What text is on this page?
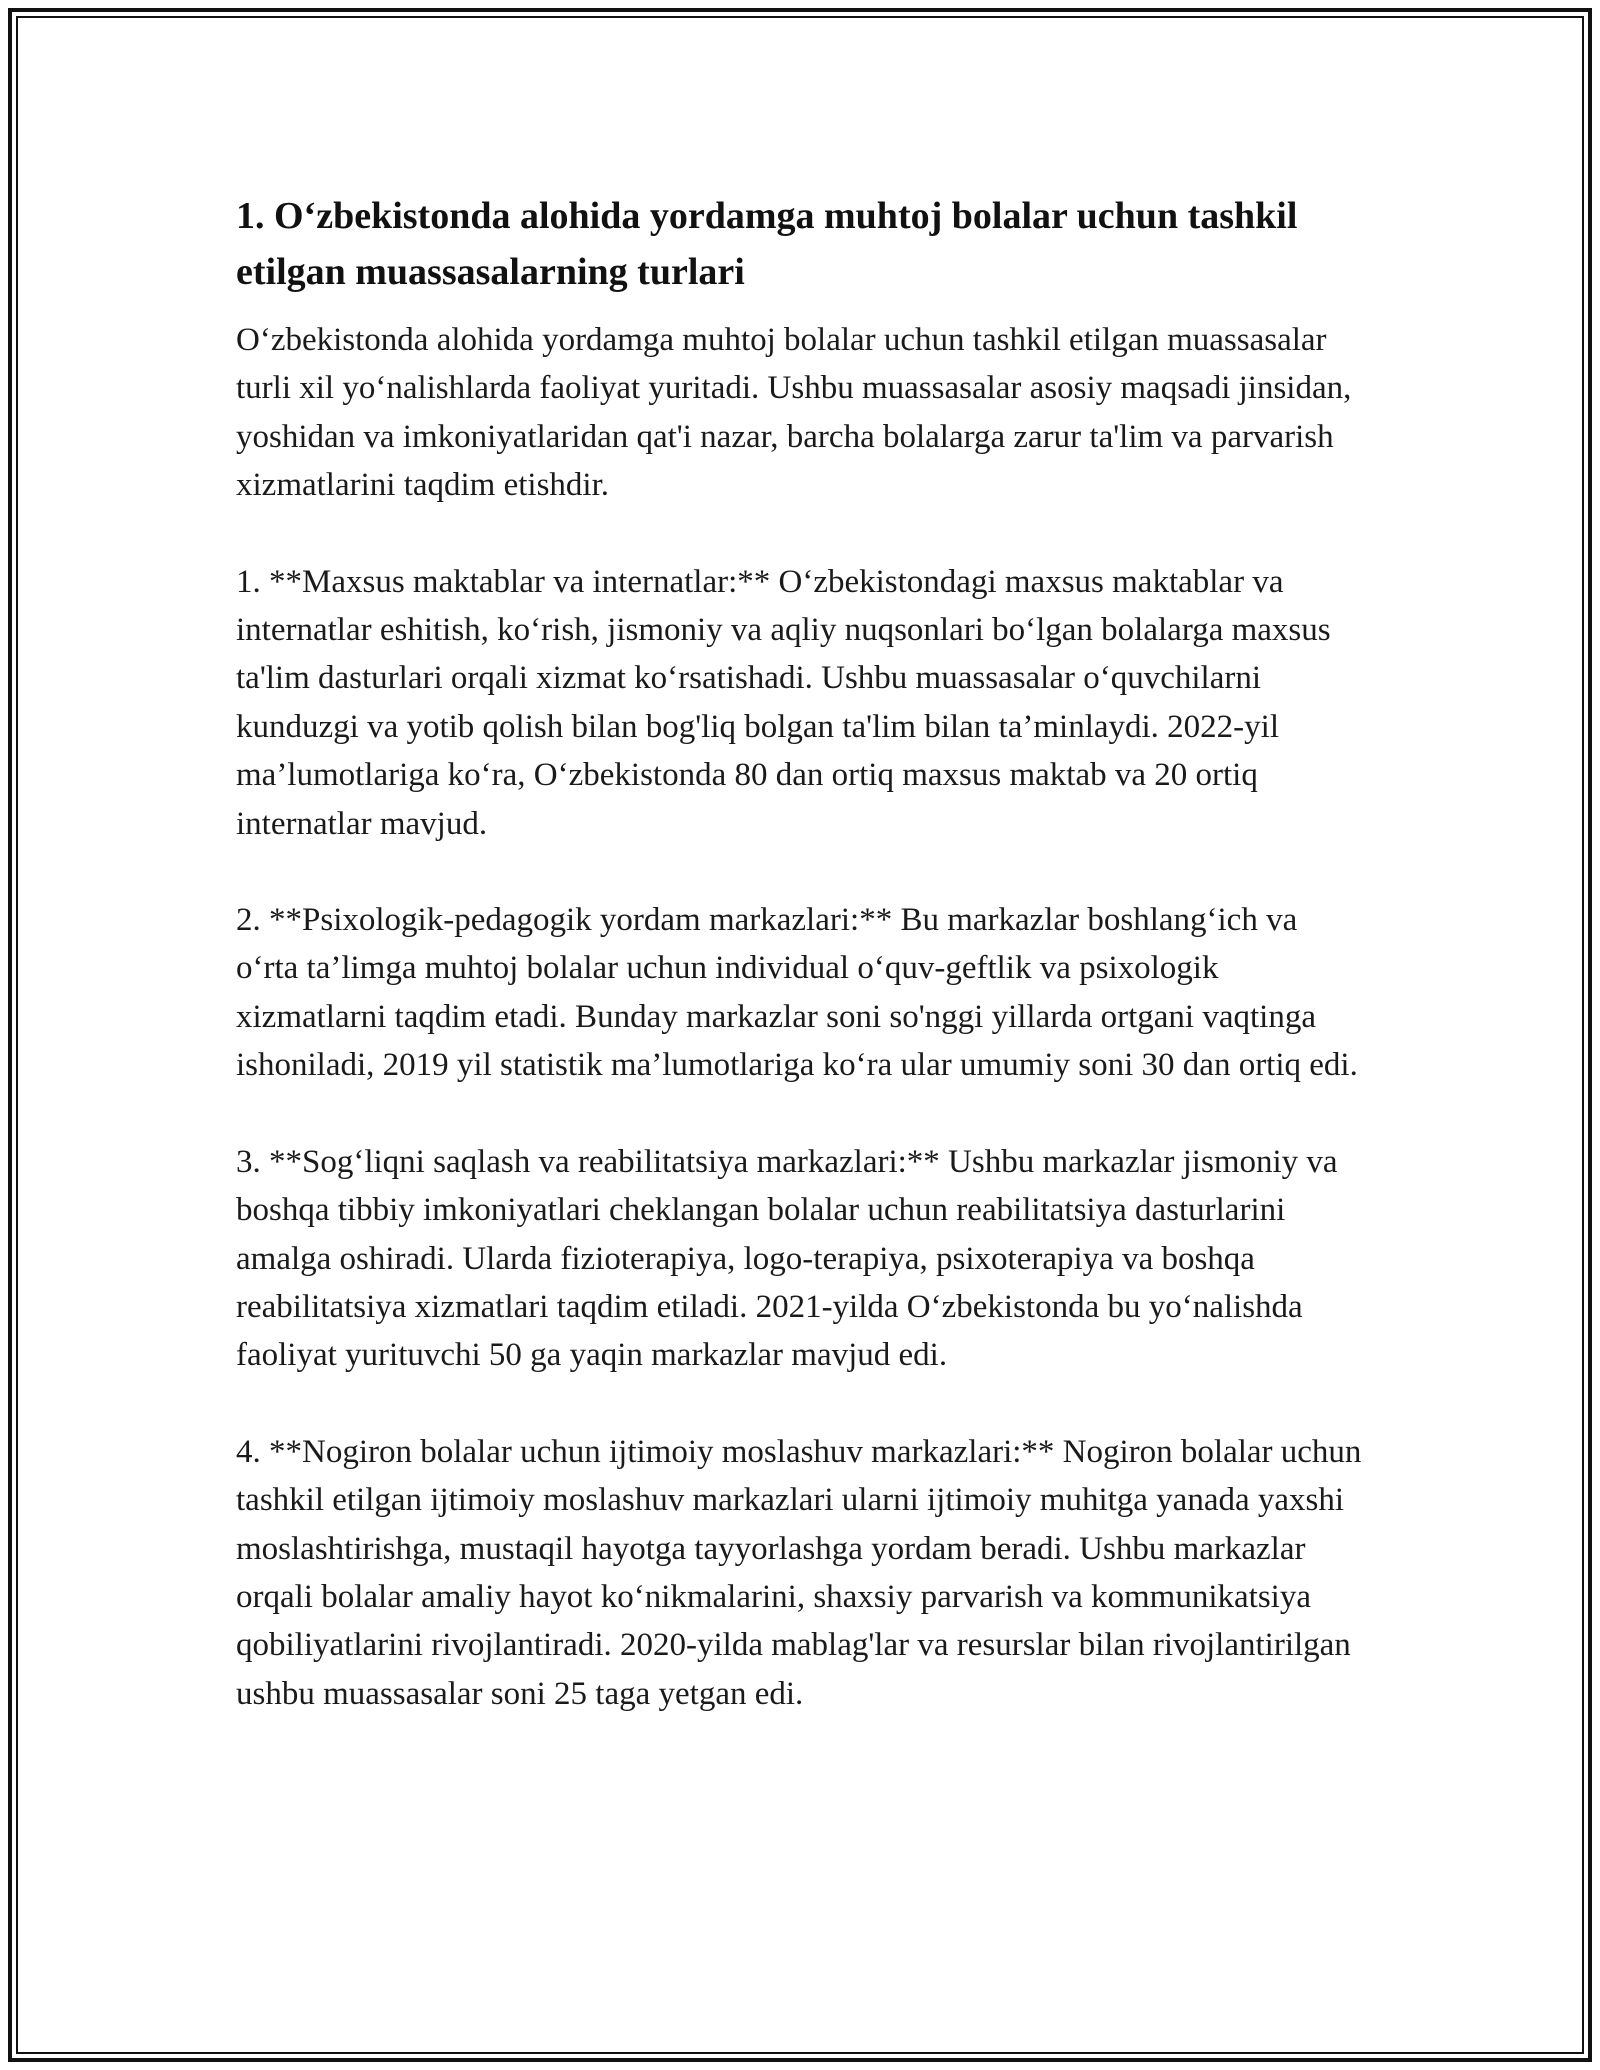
1. O‘zbekistonda alohida yordamga muhtoj bolalar uchun tashkil etilgan muassasalarning turlari

O‘zbekistonda alohida yordamga muhtoj bolalar uchun tashkil etilgan muassasalar turli xil yo‘nalishlarda faoliyat yuritadi. Ushbu muassasalar asosiy maqsadi jinsidan, yoshidan va imkoniyatlaridan qat'i nazar, barcha bolalarga zarur ta'lim va parvarish xizmatlarini taqdim etishdir.

1. **Maxsus maktablar va internatlar:** O‘zbekistondagi maxsus maktablar va internatlar eshitish, ko‘rish, jismoniy va aqliy nuqsonlari bo‘lgan bolalarga maxsus ta'lim dasturlari orqali xizmat ko‘rsatishadi. Ushbu muassasalar o‘quvchilarni kunduzgi va yotib qolish bilan bog'liq bolgan ta'lim bilan ta’minlaydi. 2022-yil ma’lumotlariga ko‘ra, O‘zbekistonda 80 dan ortiq maxsus maktab va 20 ortiq internatlar mavjud.

2. **Psixologik-pedagogik yordam markazlari:** Bu markazlar boshlang‘ich va o‘rta ta’limga muhtoj bolalar uchun individual o‘quv-geftlik va psixologik xizmatlarni taqdim etadi. Bunday markazlar soni so'nggi yillarda ortgani vaqtinga ishoniladi, 2019 yil statistik ma’lumotlariga ko‘ra ular umumiy soni 30 dan ortiq edi.

3. **Sog‘liqni saqlash va reabilitatsiya markazlari:** Ushbu markazlar jismoniy va boshqa tibbiy imkoniyatlari cheklangan bolalar uchun reabilitatsiya dasturlarini amalga oshiradi. Ularda fizioterapiya, logo-terapiya, psixoterapiya va boshqa reabilitatsiya xizmatlari taqdim etiladi. 2021-yilda O‘zbekistonda bu yo‘nalishda faoliyat yurituvchi 50 ga yaqin markazlar mavjud edi.

4. **Nogiron bolalar uchun ijtimoiy moslashuv markazlari:** Nogiron bolalar uchun tashkil etilgan ijtimoiy moslashuv markazlari ularni ijtimoiy muhitga yanada yaxshi moslashtirishga, mustaqil hayotga tayyorlashga yordam beradi. Ushbu markazlar orqali bolalar amaliy hayot ko‘nikmalarini, shaxsiy parvarish va kommunikatsiya qobiliyatlarini rivojlantiradi. 2020-yilda mablag'lar va resurslar bilan rivojlantirilgan ushbu muassasalar soni 25 taga yetgan edi.
